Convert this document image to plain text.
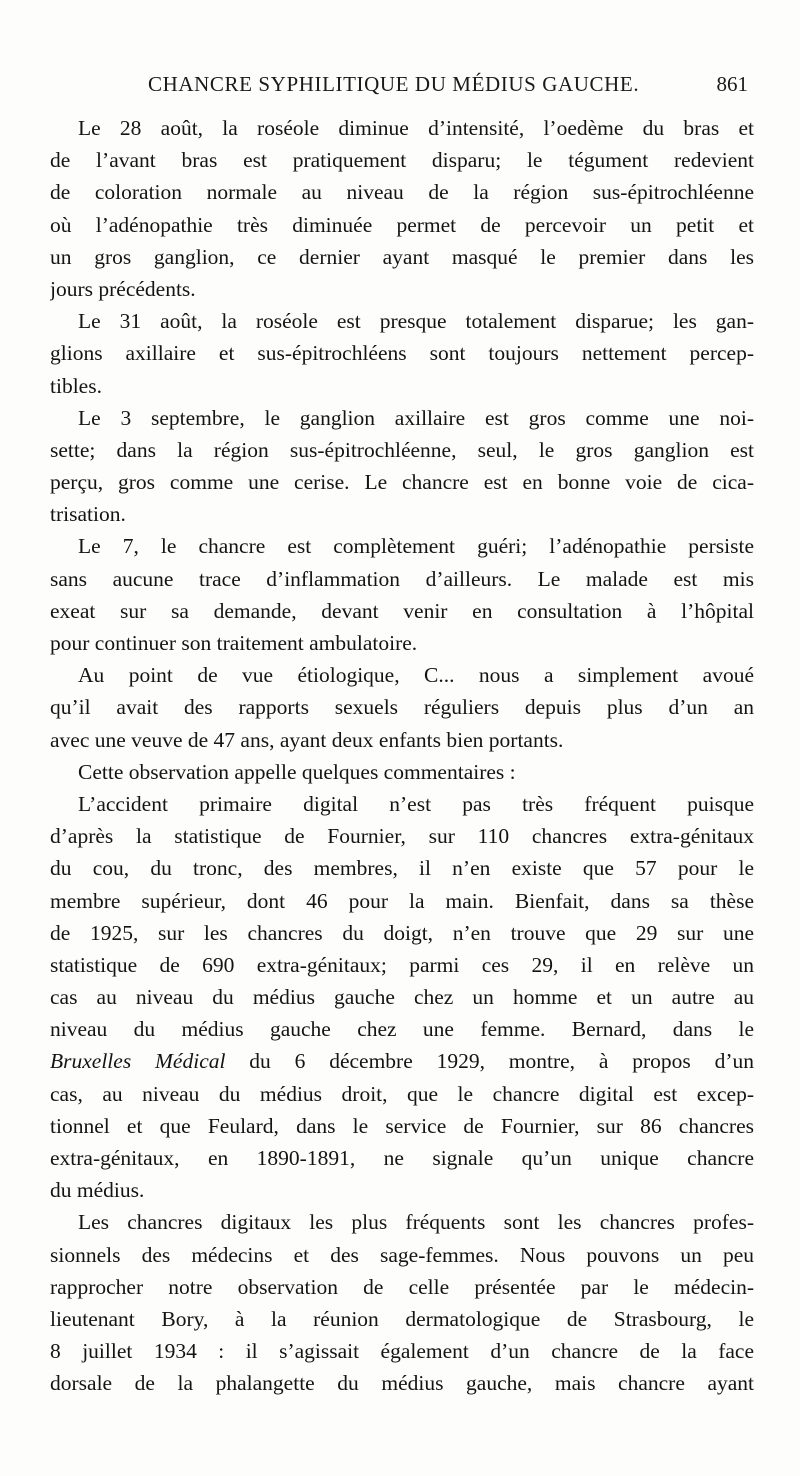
CHANCRE SYPHILITIQUE DU MÉDIUS GAUCHE.	861
Le 28 août, la roséole diminue d’intensité, l’oedème du bras et
de l’avant bras est pratiquement disparu; le tégument redevient
de coloration normale au niveau de la région sus-épitrochléenne
où l’adénopathie très diminuée permet de percevoir un petit et
un gros ganglion, ce dernier ayant masqué le premier dans les
jours précédents.
Le 31 août, la roséole est presque totalement disparue; les gan-
glions axillaire et sus-épitrochléens sont toujours nettement percep-
tibles.
Le 3 septembre, le ganglion axillaire est gros comme une noi-
sette; dans la région sus-épitrochléenne, seul, le gros ganglion est
perçu, gros comme une cerise. Le chancre est en bonne voie de cica-
trisation.
Le 7, le chancre est complètement guéri; l’adénopathie persiste
sans aucune trace d’inflammation d’ailleurs. Le malade est mis
exeat sur sa demande, devant venir en consultation à l’hôpital
pour continuer son traitement ambulatoire.
Au point de vue étiologique, C... nous a simplement avoué
qu’il avait des rapports sexuels réguliers depuis plus d’un an
avec une veuve de 47 ans, ayant deux enfants bien portants.
Cette observation appelle quelques commentaires :
L’accident primaire digital n’est pas très fréquent puisque
d’après la statistique de Fournier, sur 110 chancres extra-génitaux
du cou, du tronc, des membres, il n’en existe que 57 pour le
membre supérieur, dont 46 pour la main. Bienfait, dans sa thèse
de 1925, sur les chancres du doigt, n’en trouve que 29 sur une
statistique de 690 extra-génitaux; parmi ces 29, il en relève un
cas au niveau du médius gauche chez un homme et un autre au
niveau du médius gauche chez une femme. Bernard, dans le
Bruxelles Médical du 6 décembre 1929, montre, à propos d’un
cas, au niveau du médius droit, que le chancre digital est excep-
tionnel et que Feulard, dans le service de Fournier, sur 86 chancres
extra-génitaux, en 1890-1891, ne signale qu’un unique chancre
du médius.
Les chancres digitaux les plus fréquents sont les chancres profes-
sionnels des médecins et des sage-femmes. Nous pouvons un peu
rapprocher notre observation de celle présentée par le médecin-
lieutenant Bory, à la réunion dermatologique de Strasbourg, le
8 juillet 1934 : il s’agissait également d’un chancre de la face
dorsale de la phalangette du médius gauche, mais chancre ayant
